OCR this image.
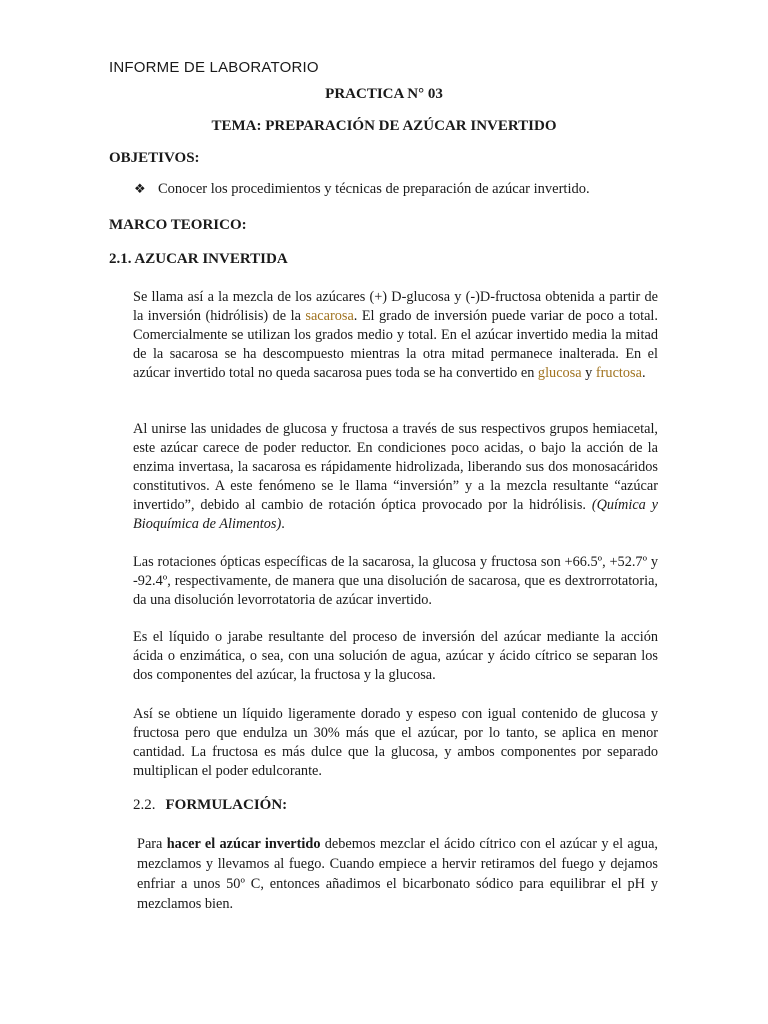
INFORME DE LABORATORIO
PRACTICA N° 03
TEMA: PREPARACIÓN DE AZÚCAR INVERTIDO
OBJETIVOS:
❖ Conocer los procedimientos y técnicas de preparación de azúcar invertido.
MARCO TEORICO:
2.1. AZUCAR INVERTIDA

Se llama así a la mezcla de los azúcares (+) D-glucosa y (-)D-fructosa obtenida a partir de la inversión (hidrólisis) de la sacarosa. El grado de inversión puede variar de poco a total. Comercialmente se utilizan los grados medio y total. En el azúcar invertido media la mitad de la sacarosa se ha descompuesto mientras la otra mitad permanece inalterada. En el azúcar invertido total no queda sacarosa pues toda se ha convertido en glucosa y fructosa.

Al unirse las unidades de glucosa y fructosa a través de sus respectivos grupos hemiacetal, este azúcar carece de poder reductor. En condiciones poco acidas, o bajo la acción de la enzima invertasa, la sacarosa es rápidamente hidrolizada, liberando sus dos monosacáridos constitutivos. A este fenómeno se le llama “inversión” y a la mezcla resultante “azúcar invertido”, debido al cambio de rotación óptica provocado por la hidrólisis. (Química y Bioquímica de Alimentos).

Las rotaciones ópticas específicas de la sacarosa, la glucosa y fructosa son +66.5º, +52.7º y -92.4º, respectivamente, de manera que una disolución de sacarosa, que es dextrorrotatoria, da una disolución levorrotatoria de azúcar invertido.

Es el líquido o jarabe resultante del proceso de inversión del azúcar mediante la acción ácida o enzimática, o sea, con una solución de agua, azúcar y ácido cítrico se separan los dos componentes del azúcar, la fructosa y la glucosa.

Así se obtiene un líquido ligeramente dorado y espeso con igual contenido de glucosa y fructosa pero que endulza un 30% más que el azúcar, por lo tanto, se aplica en menor cantidad. La fructosa es más dulce que la glucosa, y ambos componentes por separado multiplican el poder edulcorante.

2.2. FORMULACIÓN:

Para hacer el azúcar invertido debemos mezclar el ácido cítrico con el azúcar y el agua, mezclamos y llevamos al fuego. Cuando empiece a hervir retiramos del fuego y dejamos enfriar a unos 50º C, entonces añadimos el bicarbonato sódico para equilibrar el pH y mezclamos bien.
